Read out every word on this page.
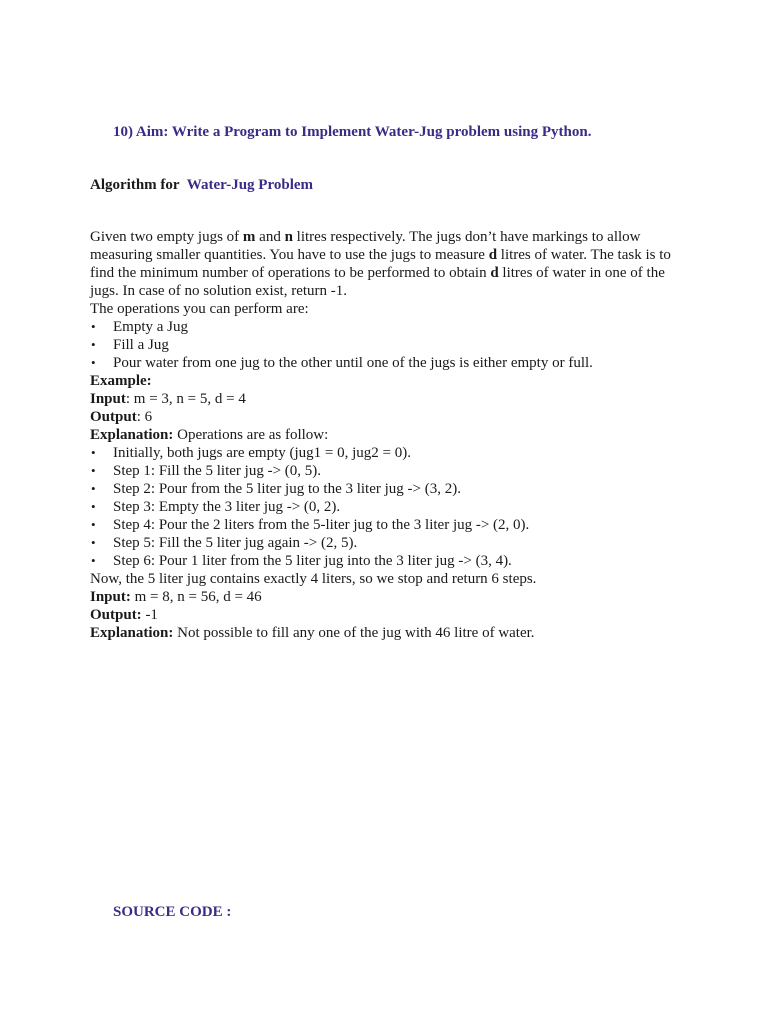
10) Aim: Write a Program to Implement Water-Jug problem using Python.
Algorithm for Water-Jug Problem

Given two empty jugs of m and n litres respectively. The jugs don’t have markings to allow measuring smaller quantities. You have to use the jugs to measure d litres of water. The task is to find the minimum number of operations to be performed to obtain d litres of water in one of the jugs. In case of no solution exist, return -1.

The operations you can perform are:

• Empty a Jug
• Fill a Jug
• Pour water from one jug to the other until one of the jugs is either empty or full.

Example:

Input: m = 3, n = 5, d = 4

Output: 6

Explanation: Operations are as follow:

• Initially, both jugs are empty (jug1 = 0, jug2 = 0).
• Step 1: Fill the 5 liter jug -> (0, 5).
• Step 2: Pour from the 5 liter jug to the 3 liter jug -> (3, 2).
• Step 3: Empty the 3 liter jug -> (0, 2).
• Step 4: Pour the 2 liters from the 5-liter jug to the 3 liter jug -> (2, 0).
• Step 5: Fill the 5 liter jug again -> (2, 5).
• Step 6: Pour 1 liter from the 5 liter jug into the 3 liter jug -> (3, 4).

Now, the 5 liter jug contains exactly 4 liters, so we stop and return 6 steps.

Input: m = 8, n = 56, d = 46

Output: -1

Explanation: Not possible to fill any one of the jug with 46 litre of water.

SOURCE CODE :
